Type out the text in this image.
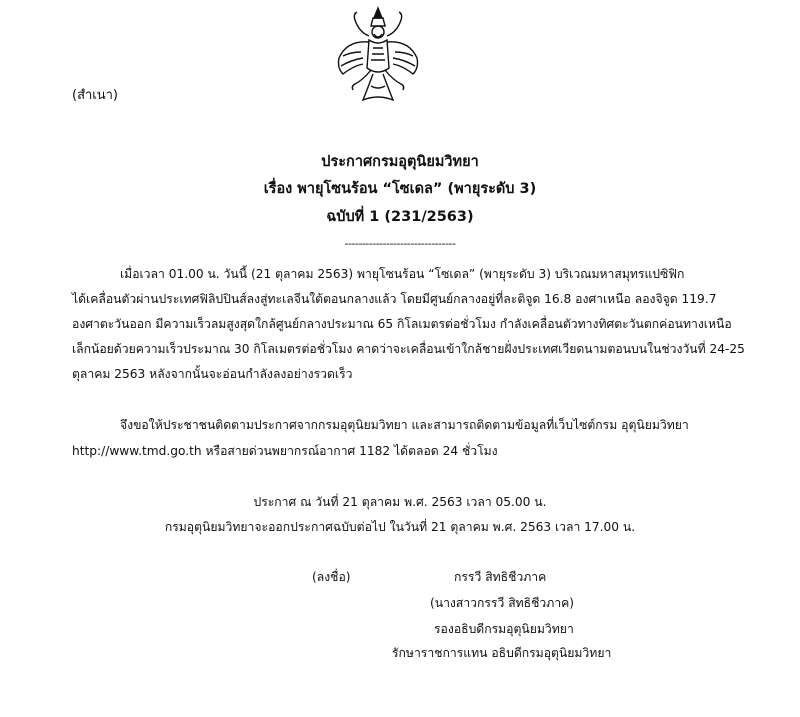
(สำเนา)
ประกาศกรมอุตุนิยมวิทยา
เรื่อง พายุโซนร้อน “โซเดล” (พายุระดับ 3)
ฉบับที่ 1 (231/2563)
--------------------------------
เมื่อเวลา 01.00 น. วันนี้ (21 ตุลาคม 2563) พายุโซนร้อน “โซเดล” (พายุระดับ 3) บริเวณมหาสมุทรแปซิฟิก
ได้เคลื่อนตัวผ่านประเทศฟิลิปปินส์ลงสู่ทะเลจีนใต้ตอนกลางแล้ว โดยมีศูนย์กลางอยู่ที่ละติจูด 16.8 องศาเหนือ ลองจิจูด 119.7
องศาตะวันออก มีความเร็วลมสูงสุดใกล้ศูนย์กลางประมาณ 65 กิโลเมตรต่อชั่วโมง กำลังเคลื่อนตัวทางทิศตะวันตกค่อนทางเหนือ
เล็กน้อยด้วยความเร็วประมาณ 30 กิโลเมตรต่อชั่วโมง คาดว่าจะเคลื่อนเข้าใกล้ชายฝั่งประเทศเวียดนามตอนบนในช่วงวันที่ 24-25
ตุลาคม 2563 หลังจากนั้นจะอ่อนกำลังลงอย่างรวดเร็ว
จึงขอให้ประชาชนติดตามประกาศจากกรมอุตุนิยมวิทยา และสามารถติดตามข้อมูลที่เว็บไซต์กรม อุตุนิยมวิทยา
http://www.tmd.go.th หรือสายด่วนพยากรณ์อากาศ 1182 ได้ตลอด 24 ชั่วโมง
ประกาศ ณ วันที่ 21 ตุลาคม พ.ศ. 2563 เวลา 05.00 น.
กรมอุตุนิยมวิทยาจะออกประกาศฉบับต่อไป ในวันที่ 21 ตุลาคม พ.ศ. 2563 เวลา 17.00 น.
(ลงชื่อ)	กรรวี สิทธิชีวภาค
(นางสาวกรรวี สิทธิชีวภาค)
รองอธิบดีกรมอุตุนิยมวิทยา
รักษาราชการแทน อธิบดีกรมอุตุนิยมวิทยา
